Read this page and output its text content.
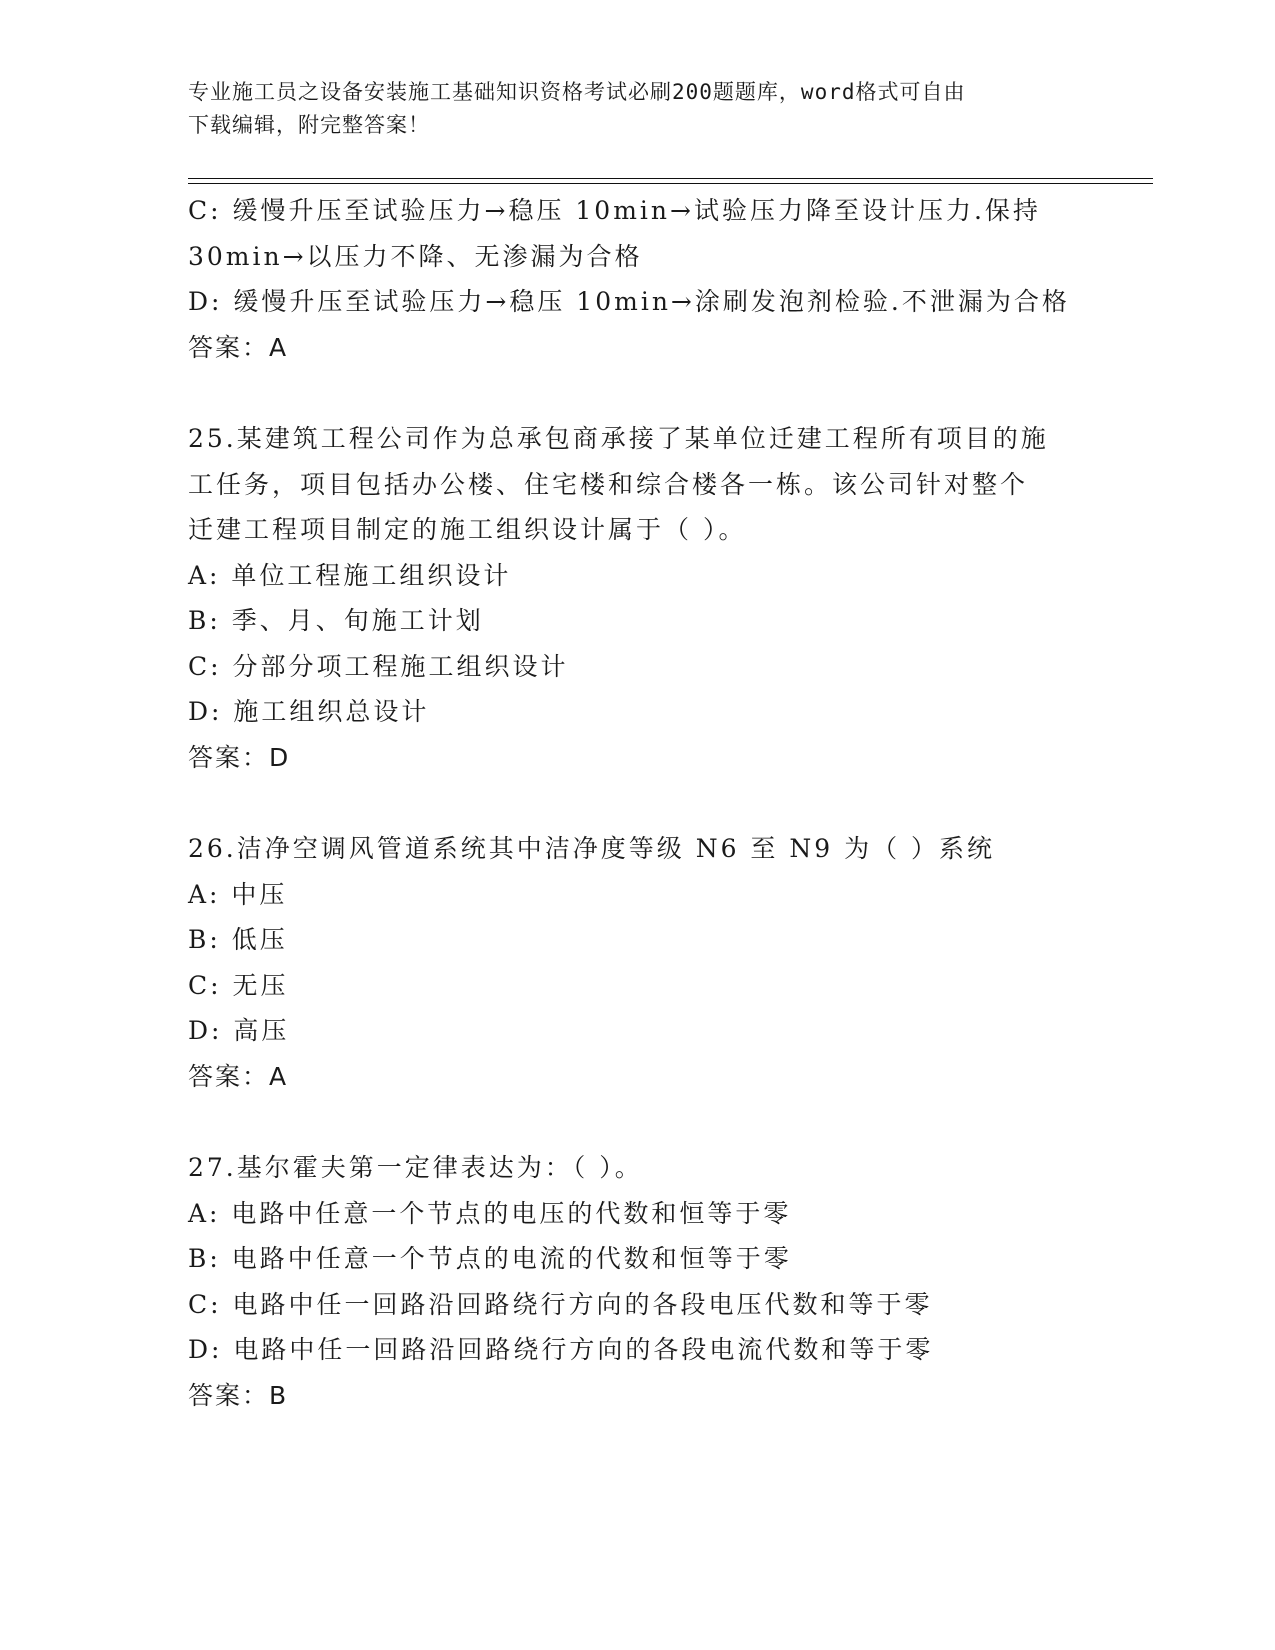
专业施工员之设备安装施工基础知识资格考试必刷200题题库，word格式可自由
下载编辑，附完整答案！
C: 缓慢升压至试验压力→稳压 10min→试验压力降至设计压力.保持
30min→以压力不降、无渗漏为合格
D: 缓慢升压至试验压力→稳压 10min→涂刷发泡剂检验.不泄漏为合格
答案：A
25.某建筑工程公司作为总承包商承接了某单位迁建工程所有项目的施
工任务，项目包括办公楼、住宅楼和综合楼各一栋。该公司针对整个
迁建工程项目制定的施工组织设计属于（ ）。
A: 单位工程施工组织设计
B: 季、月、旬施工计划
C: 分部分项工程施工组织设计
D: 施工组织总设计
答案：D
26.洁净空调风管道系统其中洁净度等级 N6 至 N9 为（ ）系统
A: 中压
B: 低压
C: 无压
D: 高压
答案：A
27.基尔霍夫第一定律表达为：（ ）。
A: 电路中任意一个节点的电压的代数和恒等于零
B: 电路中任意一个节点的电流的代数和恒等于零
C: 电路中任一回路沿回路绕行方向的各段电压代数和等于零
D: 电路中任一回路沿回路绕行方向的各段电流代数和等于零
答案：B
